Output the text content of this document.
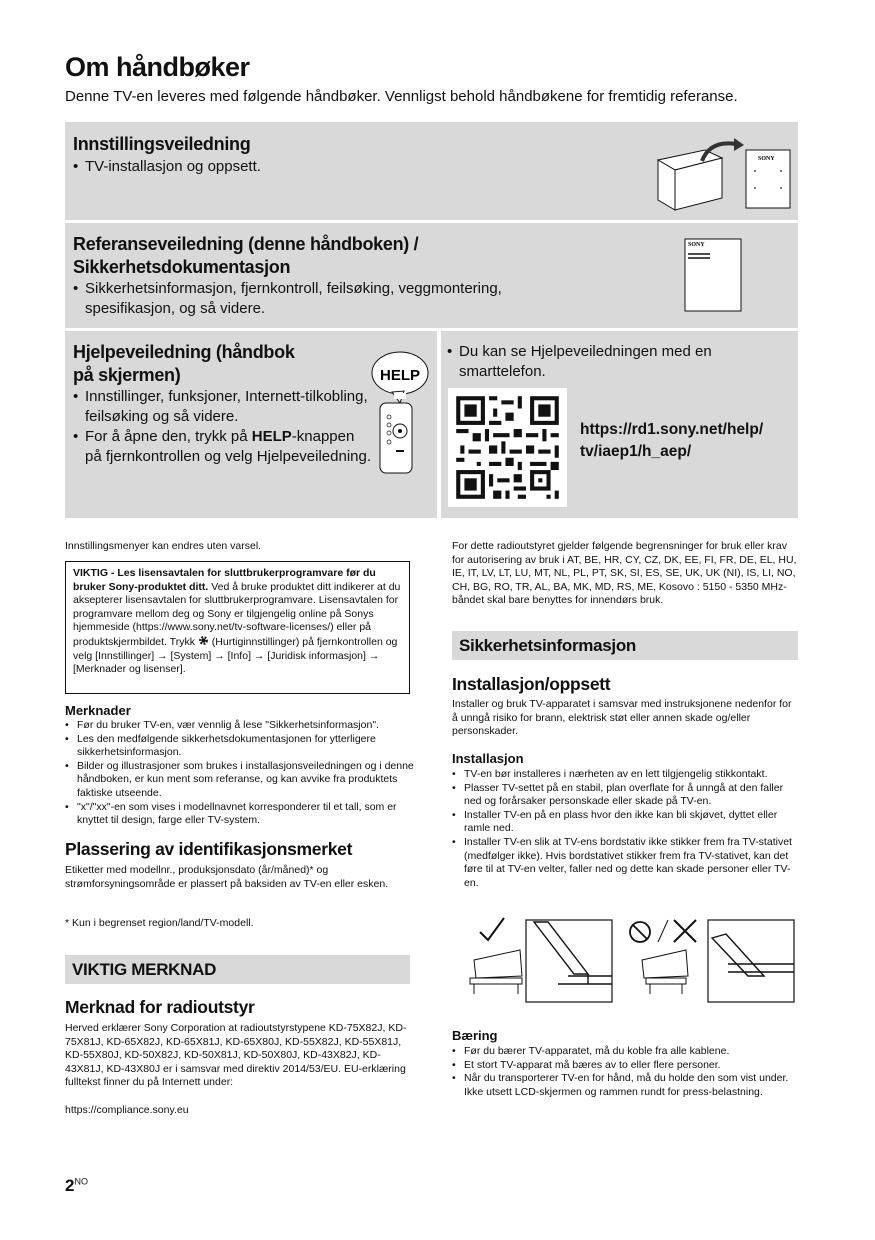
Om håndbøker
Denne TV-en leveres med følgende håndbøker. Vennligst behold håndbøkene for fremtidig referanse.
Innstillingsveiledning
• TV-installasjon og oppsett.	SONY
Referanseveiledning (denne håndboken) /
Sikkerhetsdokumentasjon
• Sikkerhetsinformasjon, fjernkontroll, feilsøking, veggmontering, spesifikasjon, og så videre.
SONY
Hjelpeveiledning (håndbok på skjermen)
• Innstillinger, funksjoner, Internett-tilkobling, feilsøking og så videre.
• For å åpne den, trykk på HELP-knappen på fjernkontrollen og velg Hjelpeveiledning.
HELP
• Du kan se Hjelpeveiledningen med en smarttelefon.
https://rd1.sony.net/help/ tv/iaep1/h_aep/
Innstillingsmenyer kan endres uten varsel.
VIKTIG - Les lisensavtalen for sluttbrukerprogramvare før du bruker Sony-produktet ditt. Ved å bruke produktet ditt indikerer at du aksepterer lisensavtalen for sluttbrukerprogramvare. Lisensavtalen for programvare mellom deg og Sony er tilgjengelig online på Sonys hjemmeside (https://www.sony.net/tv-software-licenses/) eller på produktskjermbildet. Trykk  (Hurtiginnstillinger) på fjernkontrollen og velg [Innstillinger] → [System] → [Info] → [Juridisk informasjon] → [Merknader og lisenser].
Merknader
• Før du bruker TV-en, vær vennlig å lese "Sikkerhetsinformasjon".
• Les den medfølgende sikkerhetsdokumentasjonen for ytterligere sikkerhetsinformasjon.
• Bilder og illustrasjoner som brukes i installasjonsveiledningen og i denne håndboken, er kun ment som referanse, og kan avvike fra produktets faktiske utseende.
• "x"/"xx"-en som vises i modellnavnet korresponderer til et tall, som er knyttet til design, farge eller TV-system.
Plassering av identifikasjonsmerket
Etiketter med modellnr., produksjonsdato (år/måned)* og strømforsyningsområde er plassert på baksiden av TV-en eller esken.
* Kun i begrenset region/land/TV-modell.
VIKTIG MERKNAD
Merknad for radioutstyr
Herved erklærer Sony Corporation at radioutstyrstypene KD-75X82J, KD-75X81J, KD-65X82J, KD-65X81J, KD-65X80J, KD-55X82J, KD-55X81J, KD-55X80J, KD-50X82J, KD-50X81J, KD-50X80J, KD-43X82J, KD-43X81J, KD-43X80J er i samsvar med direktiv 2014/53/EU. EU-erklæring fulltekst finner du på Internett under:
https://compliance.sony.eu
For dette radioutstyret gjelder følgende begrensninger for bruk eller krav for autorisering av bruk i AT, BE, HR, CY, CZ, DK, EE, FI, FR, DE, EL, HU, IE, IT, LV, LT, LU, MT, NL, PL, PT, SK, SI, ES, SE, UK, UK (NI), IS, LI, NO, CH, BG, RO, TR, AL, BA, MK, MD, RS, ME, Kosovo : 5150 - 5350 MHz-båndet skal bare benyttes for innendørs bruk.
Sikkerhetsinformasjon
Installasjon/oppsett
Installer og bruk TV-apparatet i samsvar med instruksjonene nedenfor for å unngå risiko for brann, elektrisk støt eller annen skade og/eller personskader.
Installasjon
• TV-en bør installeres i nærheten av en lett tilgjengelig stikkontakt.
• Plasser TV-settet på en stabil, plan overflate for å unngå at den faller ned og forårsaker personskade eller skade på TV-en.
• Installer TV-en på en plass hvor den ikke kan bli skjøvet, dyttet eller ramle ned.
• Installer TV-en slik at TV-ens bordstativ ikke stikker frem fra TV-stativet (medfølger ikke). Hvis bordstativet stikker frem fra TV-stativet, kan det føre til at TV-en velter, faller ned og dette kan skade personer eller TV-en.
Bæring
• Før du bærer TV-apparatet, må du koble fra alle kablene.
• Et stort TV-apparat må bæres av to eller flere personer.
• Når du transporterer TV-en for hånd, må du holde den som vist under. Ikke utsett LCD-skjermen og rammen rundt for press-belastning.
$2^{NO}$
